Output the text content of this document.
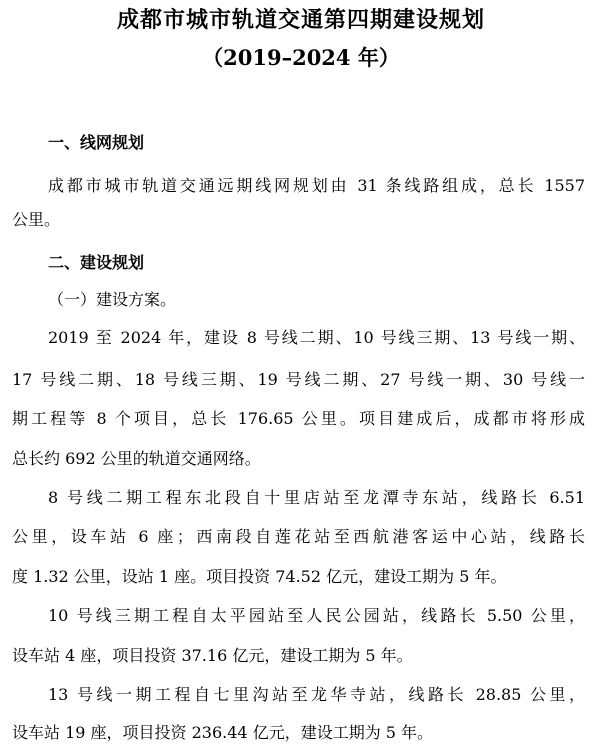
成都市城市轨道交通第四期建设规划
（2019–2024 年）
一、线网规划
成都市城市轨道交通远期线网规划由 31 条线路组成，总长 1557
公里。
二、建设规划
（一）建设方案。
2019 至 2024 年，建设 8 号线二期、10 号线三期、13 号线一期、
17 号线二期、18 号线三期、19 号线二期、27 号线一期、30 号线一
期工程等 8 个项目，总长 176.65 公里。项目建成后，成都市将形成
总长约 692 公里的轨道交通网络。
8 号线二期工程东北段自十里店站至龙潭寺东站，线路长 6.51
公里，设车站 6 座；西南段自莲花站至西航港客运中心站，线路长
度 1.32 公里，设站 1 座。项目投资 74.52 亿元，建设工期为 5 年。
10 号线三期工程自太平园站至人民公园站，线路长 5.50 公里，
设车站 4 座，项目投资 37.16 亿元，建设工期为 5 年。
13 号线一期工程自七里沟站至龙华寺站，线路长 28.85 公里，
设车站 19 座，项目投资 236.44 亿元，建设工期为 5 年。
